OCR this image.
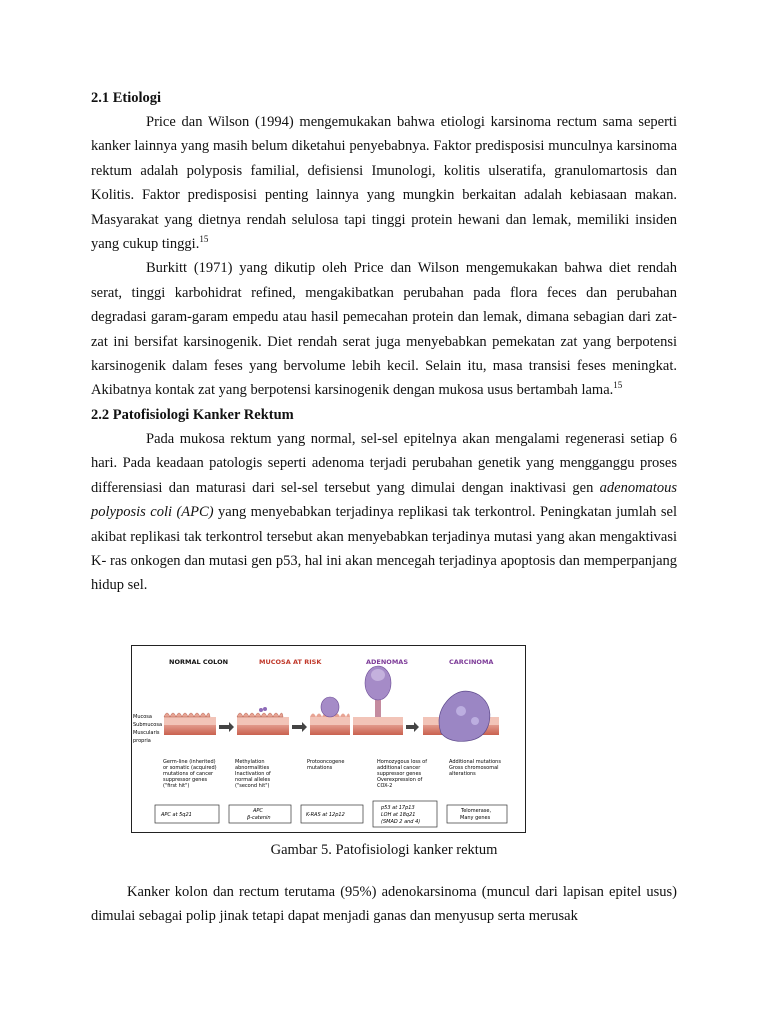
2.1 Etiologi

Price dan Wilson (1994) mengemukakan bahwa etiologi karsinoma rectum sama seperti kanker lainnya yang masih belum diketahui penyebabnya. Faktor predisposisi munculnya karsinoma rektum adalah polyposis familial, defisiensi Imunologi, kolitis ulseratifa, granulomartosis dan Kolitis. Faktor predisposisi penting lainnya yang mungkin berkaitan adalah kebiasaan makan. Masyarakat yang dietnya rendah selulosa tapi tinggi protein hewani dan lemak, memiliki insiden yang cukup tinggi.$^{15}$

Burkitt (1971) yang dikutip oleh Price dan Wilson mengemukakan bahwa diet rendah serat, tinggi karbohidrat refined, mengakibatkan perubahan pada flora feces dan perubahan degradasi garam-garam empedu atau hasil pemecahan protein dan lemak, dimana sebagian dari zat-zat ini bersifat karsinogenik. Diet rendah serat juga menyebabkan pemekatan zat yang berpotensi karsinogenik dalam feses yang bervolume lebih kecil. Selain itu, masa transisi feses meningkat. Akibatnya kontak zat yang berpotensi karsinogenik dengan mukosa usus bertambah lama.$^{15}$

2.2 Patofisiologi Kanker Rektum

Pada mukosa rektum yang normal, sel-sel epitelnya akan mengalami regenerasi setiap 6 hari. Pada keadaan patologis seperti adenoma terjadi perubahan genetik yang mengganggu proses differensiasi dan maturasi dari sel-sel tersebut yang dimulai dengan inaktivasi gen adenomatous polyposis coli (APC) yang menyebabkan terjadinya replikasi tak terkontrol. Peningkatan jumlah sel akibat replikasi tak terkontrol tersebut akan menyebabkan terjadinya mutasi yang akan mengaktivasi K- ras onkogen dan mutasi gen p53, hal ini akan mencegah terjadinya apoptosis dan memperpanjang hidup sel.

NORMAL COLON	MUCOSA AT RISK	ADENOMAS	CARCINOMA
Mucosa
Submucosa
Muscularis
propria
Germ-line (inherited) or somatic (acquired) mutations of cancer suppressor genes ("first hit")
Methylation abnormalities Inactivation of normal alleles ("second hit")
Protooncogene mutations
Homozygous loss of additional cancer suppressor genes Overexpression of COX-2
Additional mutations Gross chromosomal alterations
APC at 5q21
APC β-catenin	K-RAS at 12p12
p53 at 17p13 LOH at 18q21 (SMAD 2 and 4)
Telomerase, Many genes
Gambar 5. Patofisiologi kanker rektum

Kanker kolon dan rectum terutama (95%) adenokarsinoma (muncul dari lapisan epitel usus) dimulai sebagai polip jinak tetapi dapat menjadi ganas dan menyusup serta merusak
